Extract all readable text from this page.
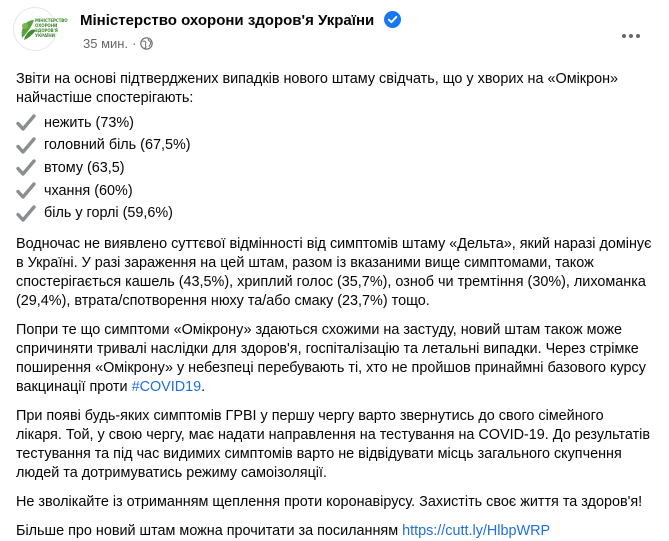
МІНІСТЕРСТВО ОХОРОНИ ЗДОРОВ'Я УКРАЇНИ
Міністерство охорони здоров'я України
35 мин. ·

Звіти на основі підтверджених випадків нового штаму свідчать, що у хворих на «Омікрон» найчастіше спостерігають:

нежить (73%)
головний біль (67,5%)
втому (63,5)
чхання (60%)
біль у горлі (59,6%)

Водночас не виявлено суттєвої відмінності від симптомів штаму «Дельта», який наразі домінує в Україні. У разі зараження на цей штам, разом із вказаними вище симптомами, також спостерігається кашель (43,5%), хриплий голос (35,7%), озноб чи тремтіння (30%), лихоманка (29,4%), втрата/спотворення нюху та/або смаку (23,7%) тощо.

Попри те що симптоми «Омікрону» здаються схожими на застуду, новий штам також може спричиняти тривалі наслідки для здоров'я, госпіталізацію та летальні випадки. Через стрімке поширення «Омікрону» у небезпеці перебувають ті, хто не пройшов принаймні базового курсу вакцинації проти #COVID19.

При появі будь-яких симптомів ГРВІ у першу чергу варто звернутись до свого сімейного лікаря. Той, у свою чергу, має надати направлення на тестування на COVID-19. До результатів тестування та під час видимих симптомів варто не відвідувати місць загального скупчення людей та дотримуватись режиму самоізоляції.

Не зволікайте із отриманням щеплення проти коронавірусу. Захистіть своє життя та здоров'я!

Більше про новий штам можна прочитати за посиланням https://cutt.ly/HlbpWRP
